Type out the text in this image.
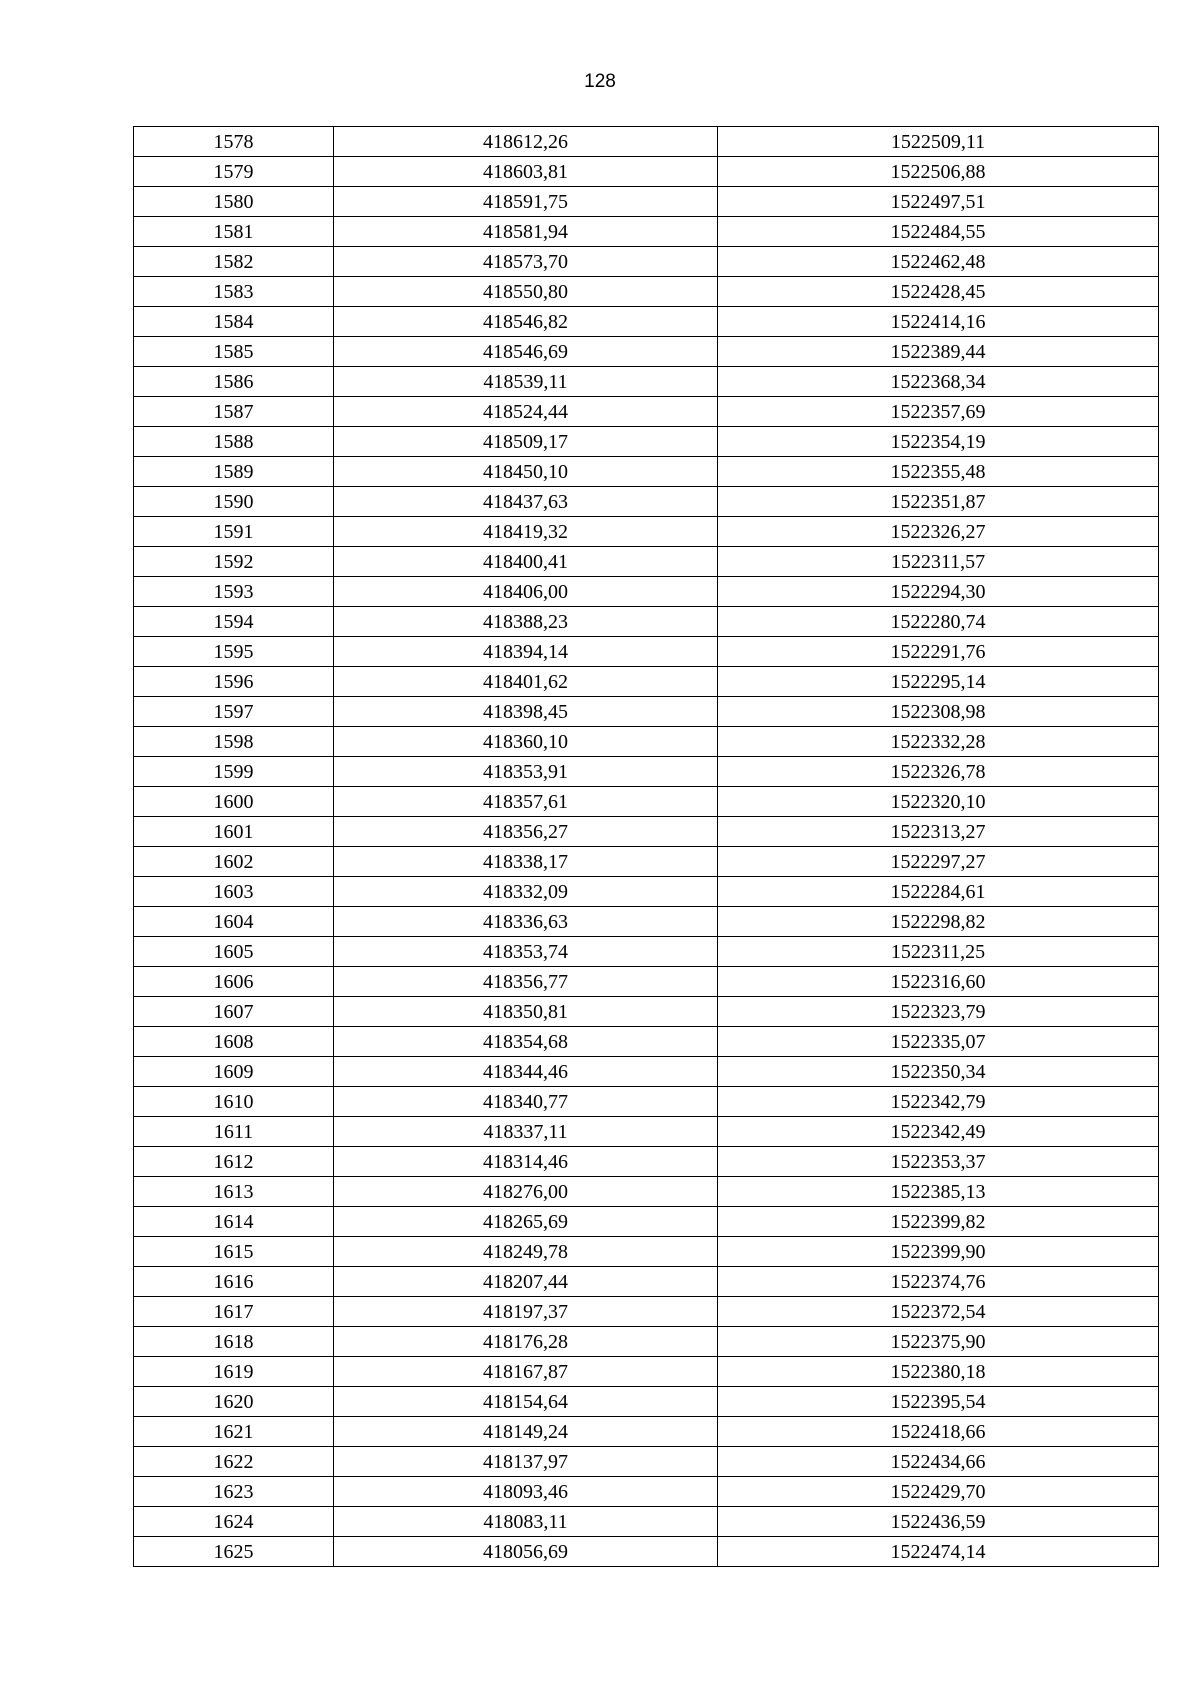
128
1578	418612,26	1522509,11
1579	418603,81	1522506,88
1580	418591,75	1522497,51
1581	418581,94	1522484,55
1582	418573,70	1522462,48
1583	418550,80	1522428,45
1584	418546,82	1522414,16
1585	418546,69	1522389,44
1586	418539,11	1522368,34
1587	418524,44	1522357,69
1588	418509,17	1522354,19
1589	418450,10	1522355,48
1590	418437,63	1522351,87
1591	418419,32	1522326,27
1592	418400,41	1522311,57
1593	418406,00	1522294,30
1594	418388,23	1522280,74
1595	418394,14	1522291,76
1596	418401,62	1522295,14
1597	418398,45	1522308,98
1598	418360,10	1522332,28
1599	418353,91	1522326,78
1600	418357,61	1522320,10
1601	418356,27	1522313,27
1602	418338,17	1522297,27
1603	418332,09	1522284,61
1604	418336,63	1522298,82
1605	418353,74	1522311,25
1606	418356,77	1522316,60
1607	418350,81	1522323,79
1608	418354,68	1522335,07
1609	418344,46	1522350,34
1610	418340,77	1522342,79
1611	418337,11	1522342,49
1612	418314,46	1522353,37
1613	418276,00	1522385,13
1614	418265,69	1522399,82
1615	418249,78	1522399,90
1616	418207,44	1522374,76
1617	418197,37	1522372,54
1618	418176,28	1522375,90
1619	418167,87	1522380,18
1620	418154,64	1522395,54
1621	418149,24	1522418,66
1622	418137,97	1522434,66
1623	418093,46	1522429,70
1624	418083,11	1522436,59
1625	418056,69	1522474,14
